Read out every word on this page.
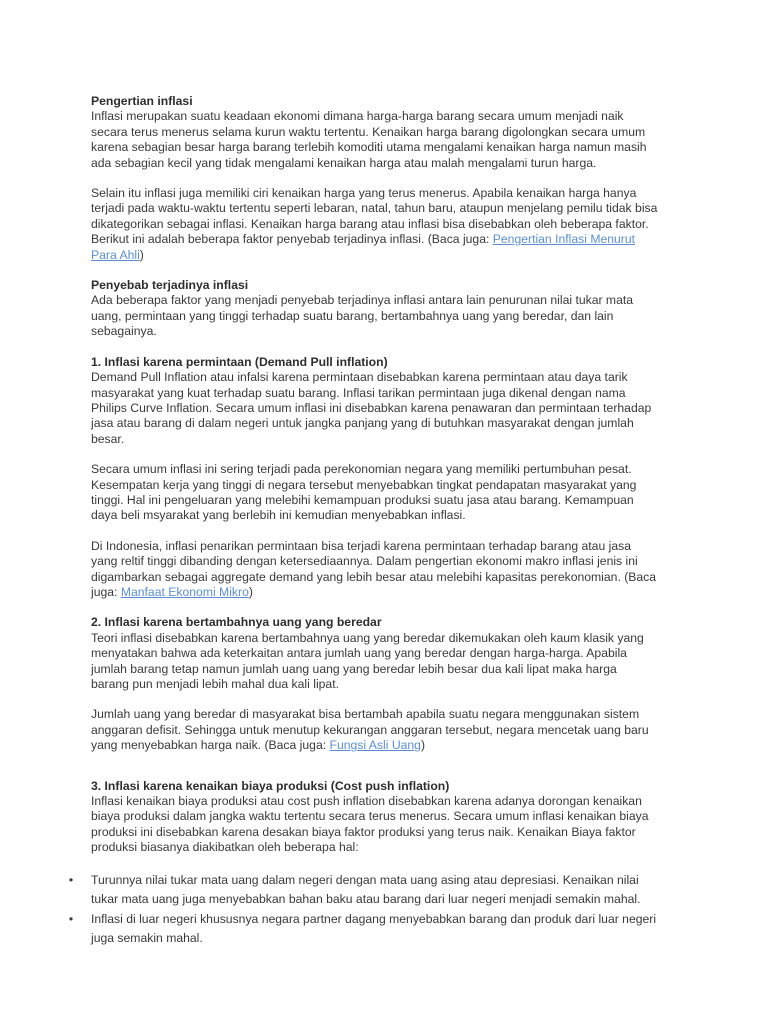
Pengertian inflasi
Inflasi merupakan suatu keadaan ekonomi dimana harga-harga barang secara umum menjadi naik secara terus menerus selama kurun waktu tertentu. Kenaikan harga barang digolongkan secara umum karena sebagian besar harga barang terlebih komoditi utama mengalami kenaikan harga namun masih ada sebagian kecil yang tidak mengalami kenaikan harga atau malah mengalami turun harga.
Selain itu inflasi juga memiliki ciri kenaikan harga yang terus menerus. Apabila kenaikan harga hanya terjadi pada waktu-waktu tertentu seperti lebaran, natal, tahun baru, ataupun menjelang pemilu tidak bisa dikategorikan sebagai inflasi. Kenaikan harga barang atau inflasi bisa disebabkan oleh beberapa faktor. Berikut ini adalah beberapa faktor penyebab terjadinya inflasi. (Baca juga: Pengertian Inflasi Menurut Para Ahli)
Penyebab terjadinya inflasi
Ada beberapa faktor yang menjadi penyebab terjadinya inflasi antara lain penurunan nilai tukar mata uang, permintaan yang tinggi terhadap suatu barang, bertambahnya uang yang beredar, dan lain sebagainya.
1. Inflasi karena permintaan (Demand Pull inflation)
Demand Pull Inflation atau infalsi karena permintaan disebabkan karena permintaan atau daya tarik masyarakat yang kuat terhadap suatu barang. Inflasi tarikan permintaan juga dikenal dengan nama Philips Curve Inflation. Secara umum inflasi ini disebabkan karena penawaran dan permintaan terhadap jasa atau barang di dalam negeri untuk jangka panjang yang di butuhkan masyarakat dengan jumlah besar.
Secara umum inflasi ini sering terjadi pada perekonomian negara yang memiliki pertumbuhan pesat. Kesempatan kerja yang tinggi di negara tersebut menyebabkan tingkat pendapatan masyarakat yang tinggi. Hal ini pengeluaran yang melebihi kemampuan produksi suatu jasa atau barang. Kemampuan daya beli msyarakat yang berlebih ini kemudian menyebabkan inflasi.
Di Indonesia, inflasi penarikan permintaan bisa terjadi karena permintaan terhadap barang atau jasa yang reltif tinggi dibanding dengan ketersediaannya. Dalam pengertian ekonomi makro inflasi jenis ini digambarkan sebagai aggregate demand yang lebih besar atau melebihi kapasitas perekonomian. (Baca juga: Manfaat Ekonomi Mikro)
2. Inflasi karena bertambahnya uang yang beredar
Teori inflasi disebabkan karena bertambahnya uang yang beredar dikemukakan oleh kaum klasik yang menyatakan bahwa ada keterkaitan antara jumlah uang yang beredar dengan harga-harga. Apabila jumlah barang tetap namun jumlah uang uang yang beredar lebih besar dua kali lipat maka harga barang pun menjadi lebih mahal dua kali lipat.
Jumlah uang yang beredar di masyarakat bisa bertambah apabila suatu negara menggunakan sistem anggaran defisit. Sehingga untuk menutup kekurangan anggaran tersebut, negara mencetak uang baru yang menyebabkan harga naik. (Baca juga: Fungsi Asli Uang)
3. Inflasi karena kenaikan biaya produksi (Cost push inflation)
Inflasi kenaikan biaya produksi atau cost push inflation disebabkan karena adanya dorongan kenaikan biaya produksi dalam jangka waktu tertentu secara terus menerus. Secara umum inflasi kenaikan biaya produksi ini disebabkan karena desakan biaya faktor produksi yang terus naik. Kenaikan Biaya faktor produksi biasanya diakibatkan oleh beberapa hal:
• Turunnya nilai tukar mata uang dalam negeri dengan mata uang asing atau depresiasi. Kenaikan nilai tukar mata uang juga menyebabkan bahan baku atau barang dari luar negeri menjadi semakin mahal.
• Inflasi di luar negeri khususnya negara partner dagang menyebabkan barang dan produk dari luar negeri juga semakin mahal.
